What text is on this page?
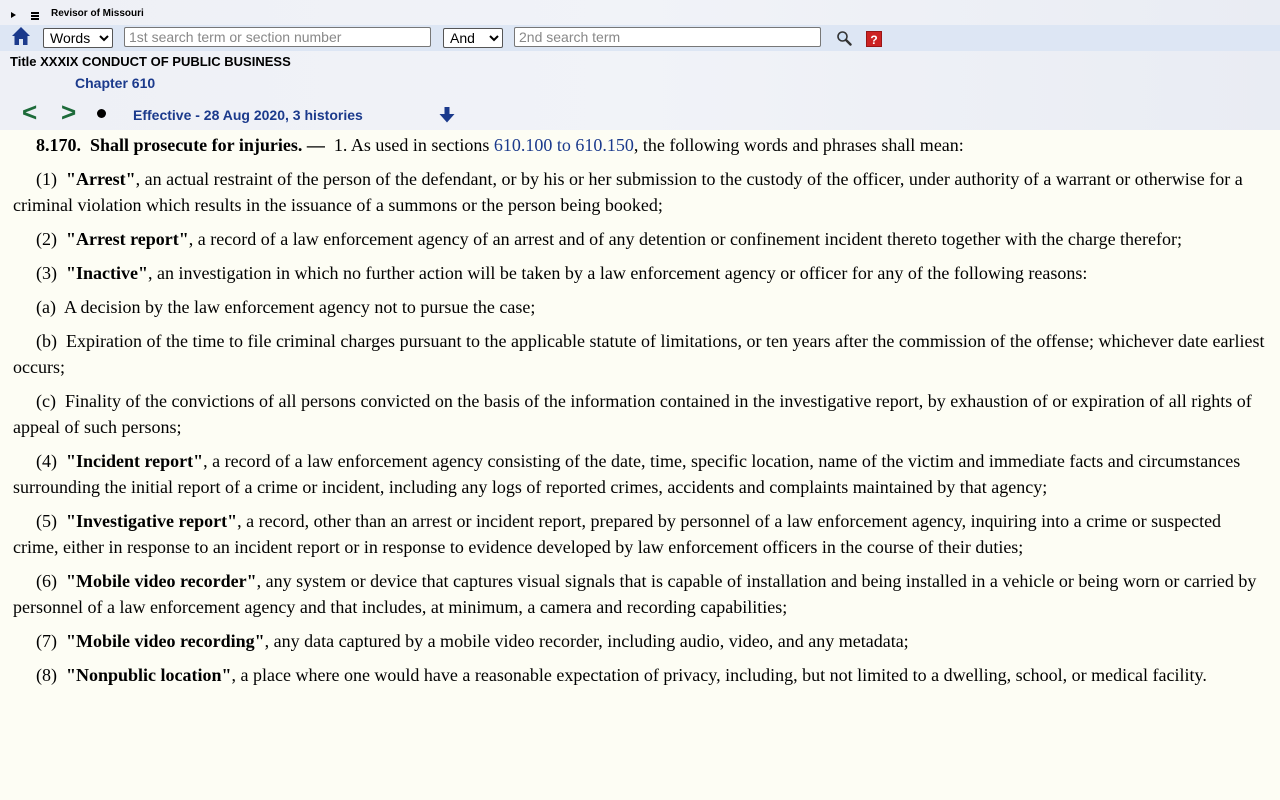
Revisor of Missouri
Words
1st search term or section number
And
2nd search term
?
Title XXXIX CONDUCT OF PUBLIC BUSINESS
Chapter 610
< >	Effective - 28 Aug 2020, 3 histories

8.170. Shall prosecute for injuries. — 1. As used in sections 610.100 to 610.150, the following words and phrases shall mean:

(1) "Arrest", an actual restraint of the person of the defendant, or by his or her submission to the custody of the officer, under authority of a warrant or otherwise for a criminal violation which results in the issuance of a summons or the person being booked;

(2) "Arrest report", a record of a law enforcement agency of an arrest and of any detention or confinement incident thereto together with the charge therefor;

(3) "Inactive", an investigation in which no further action will be taken by a law enforcement agency or officer for any of the following reasons:

(a) A decision by the law enforcement agency not to pursue the case;

(b) Expiration of the time to file criminal charges pursuant to the applicable statute of limitations, or ten years after the commission of the offense; whichever date earliest occurs;

(c) Finality of the convictions of all persons convicted on the basis of the information contained in the investigative report, by exhaustion of or expiration of all rights of appeal of such persons;

(4) "Incident report", a record of a law enforcement agency consisting of the date, time, specific location, name of the victim and immediate facts and circumstances surrounding the initial report of a crime or incident, including any logs of reported crimes, accidents and complaints maintained by that agency;

(5) "Investigative report", a record, other than an arrest or incident report, prepared by personnel of a law enforcement agency, inquiring into a crime or suspected crime, either in response to an incident report or in response to evidence developed by law enforcement officers in the course of their duties;

(6) "Mobile video recorder", any system or device that captures visual signals that is capable of installation and being installed in a vehicle or being worn or carried by personnel of a law enforcement agency and that includes, at minimum, a camera and recording capabilities;

(7) "Mobile video recording", any data captured by a mobile video recorder, including audio, video, and any metadata;

(8) "Nonpublic location", a place where one would have a reasonable expectation of privacy, including, but not limited to a dwelling, school, or medical facility.
